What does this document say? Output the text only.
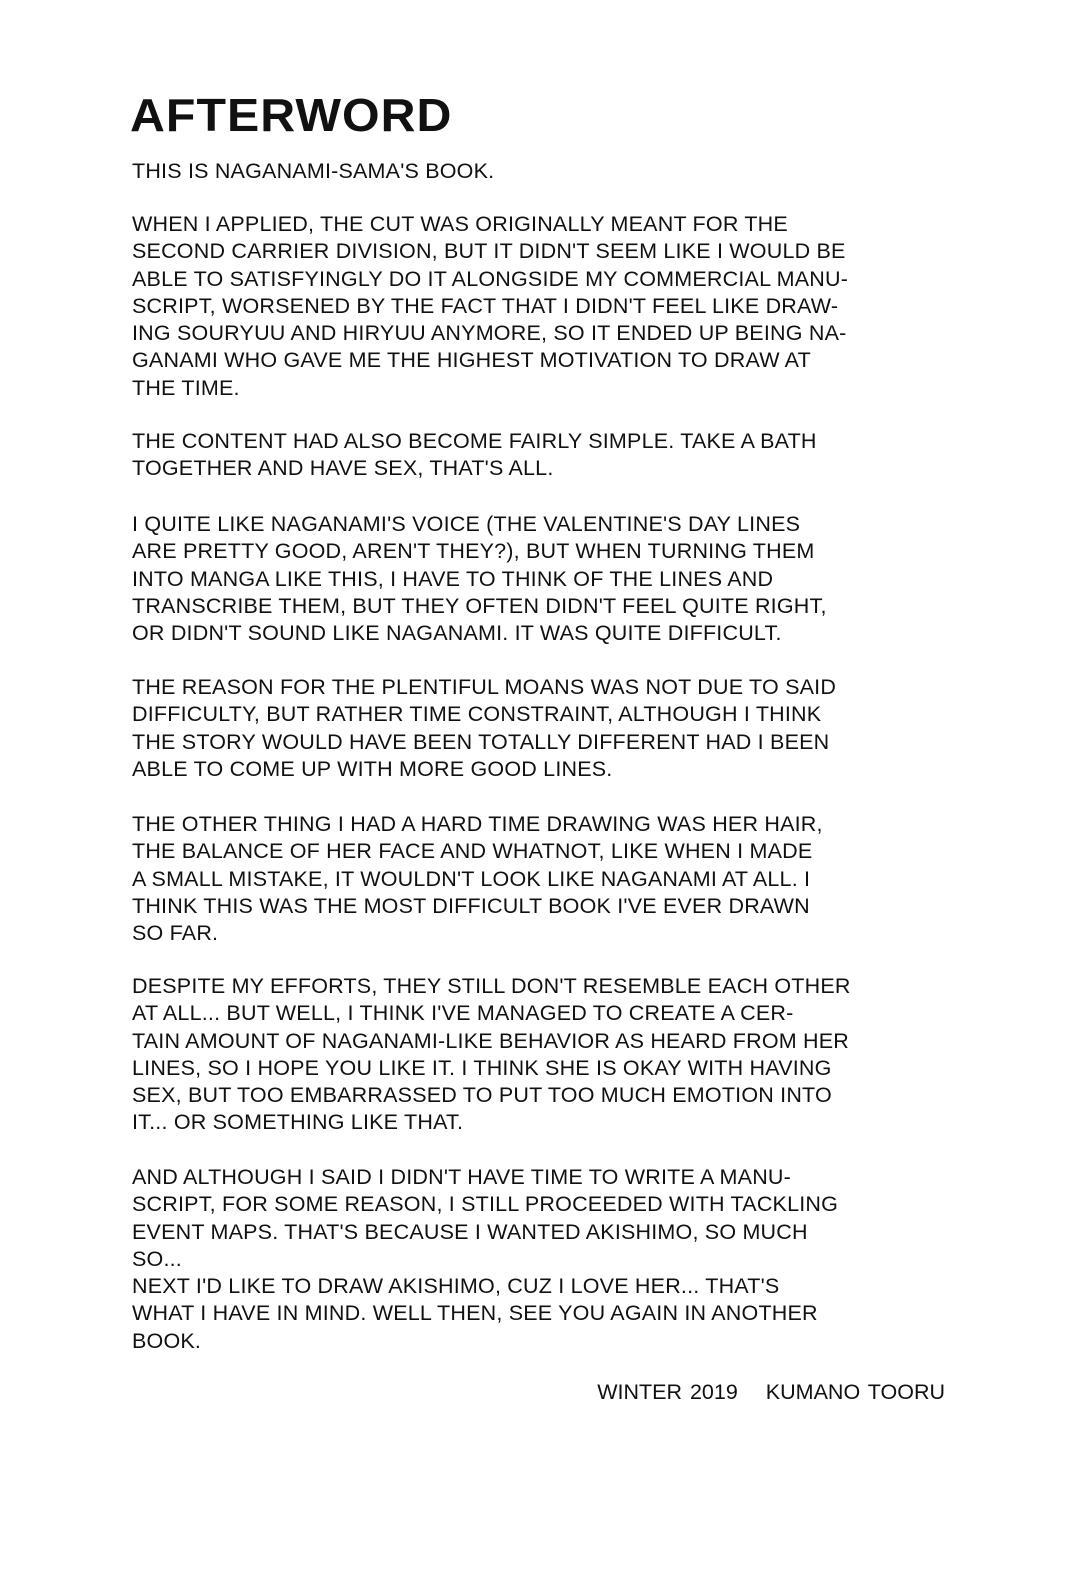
AFTERWORD
THIS IS NAGANAMI-SAMA'S BOOK.
WHEN I APPLIED, THE CUT WAS ORIGINALLY MEANT FOR THE
SECOND CARRIER DIVISION, BUT IT DIDN'T SEEM LIKE I WOULD BE
ABLE TO SATISFYINGLY DO IT ALONGSIDE MY COMMERCIAL MANU-
SCRIPT, WORSENED BY THE FACT THAT I DIDN'T FEEL LIKE DRAW-
ING SOURYUU AND HIRYUU ANYMORE, SO IT ENDED UP BEING NA-
GANAMI WHO GAVE ME THE HIGHEST MOTIVATION TO DRAW AT
THE TIME.
THE CONTENT HAD ALSO BECOME FAIRLY SIMPLE. TAKE A BATH
TOGETHER AND HAVE SEX, THAT'S ALL.
I QUITE LIKE NAGANAMI'S VOICE (THE VALENTINE'S DAY LINES
ARE PRETTY GOOD, AREN'T THEY?), BUT WHEN TURNING THEM
INTO MANGA LIKE THIS, I HAVE TO THINK OF THE LINES AND
TRANSCRIBE THEM, BUT THEY OFTEN DIDN'T FEEL QUITE RIGHT,
OR DIDN'T SOUND LIKE NAGANAMI. IT WAS QUITE DIFFICULT.
THE REASON FOR THE PLENTIFUL MOANS WAS NOT DUE TO SAID
DIFFICULTY, BUT RATHER TIME CONSTRAINT, ALTHOUGH I THINK
THE STORY WOULD HAVE BEEN TOTALLY DIFFERENT HAD I BEEN
ABLE TO COME UP WITH MORE GOOD LINES.
THE OTHER THING I HAD A HARD TIME DRAWING WAS HER HAIR,
THE BALANCE OF HER FACE AND WHATNOT, LIKE WHEN I MADE
A SMALL MISTAKE, IT WOULDN'T LOOK LIKE NAGANAMI AT ALL. I
THINK THIS WAS THE MOST DIFFICULT BOOK I'VE EVER DRAWN
SO FAR.
DESPITE MY EFFORTS, THEY STILL DON'T RESEMBLE EACH OTHER
AT ALL... BUT WELL, I THINK I'VE MANAGED TO CREATE A CER-
TAIN AMOUNT OF NAGANAMI-LIKE BEHAVIOR AS HEARD FROM HER
LINES, SO I HOPE YOU LIKE IT. I THINK SHE IS OKAY WITH HAVING
SEX, BUT TOO EMBARRASSED TO PUT TOO MUCH EMOTION INTO
IT... OR SOMETHING LIKE THAT.
AND ALTHOUGH I SAID I DIDN'T HAVE TIME TO WRITE A MANU-
SCRIPT, FOR SOME REASON, I STILL PROCEEDED WITH TACKLING
EVENT MAPS. THAT'S BECAUSE I WANTED AKISHIMO, SO MUCH
SO...
NEXT I'D LIKE TO DRAW AKISHIMO, CUZ I LOVE HER... THAT'S
WHAT I HAVE IN MIND. WELL THEN, SEE YOU AGAIN IN ANOTHER
BOOK.
WINTER 2019 KUMANO TOORU
